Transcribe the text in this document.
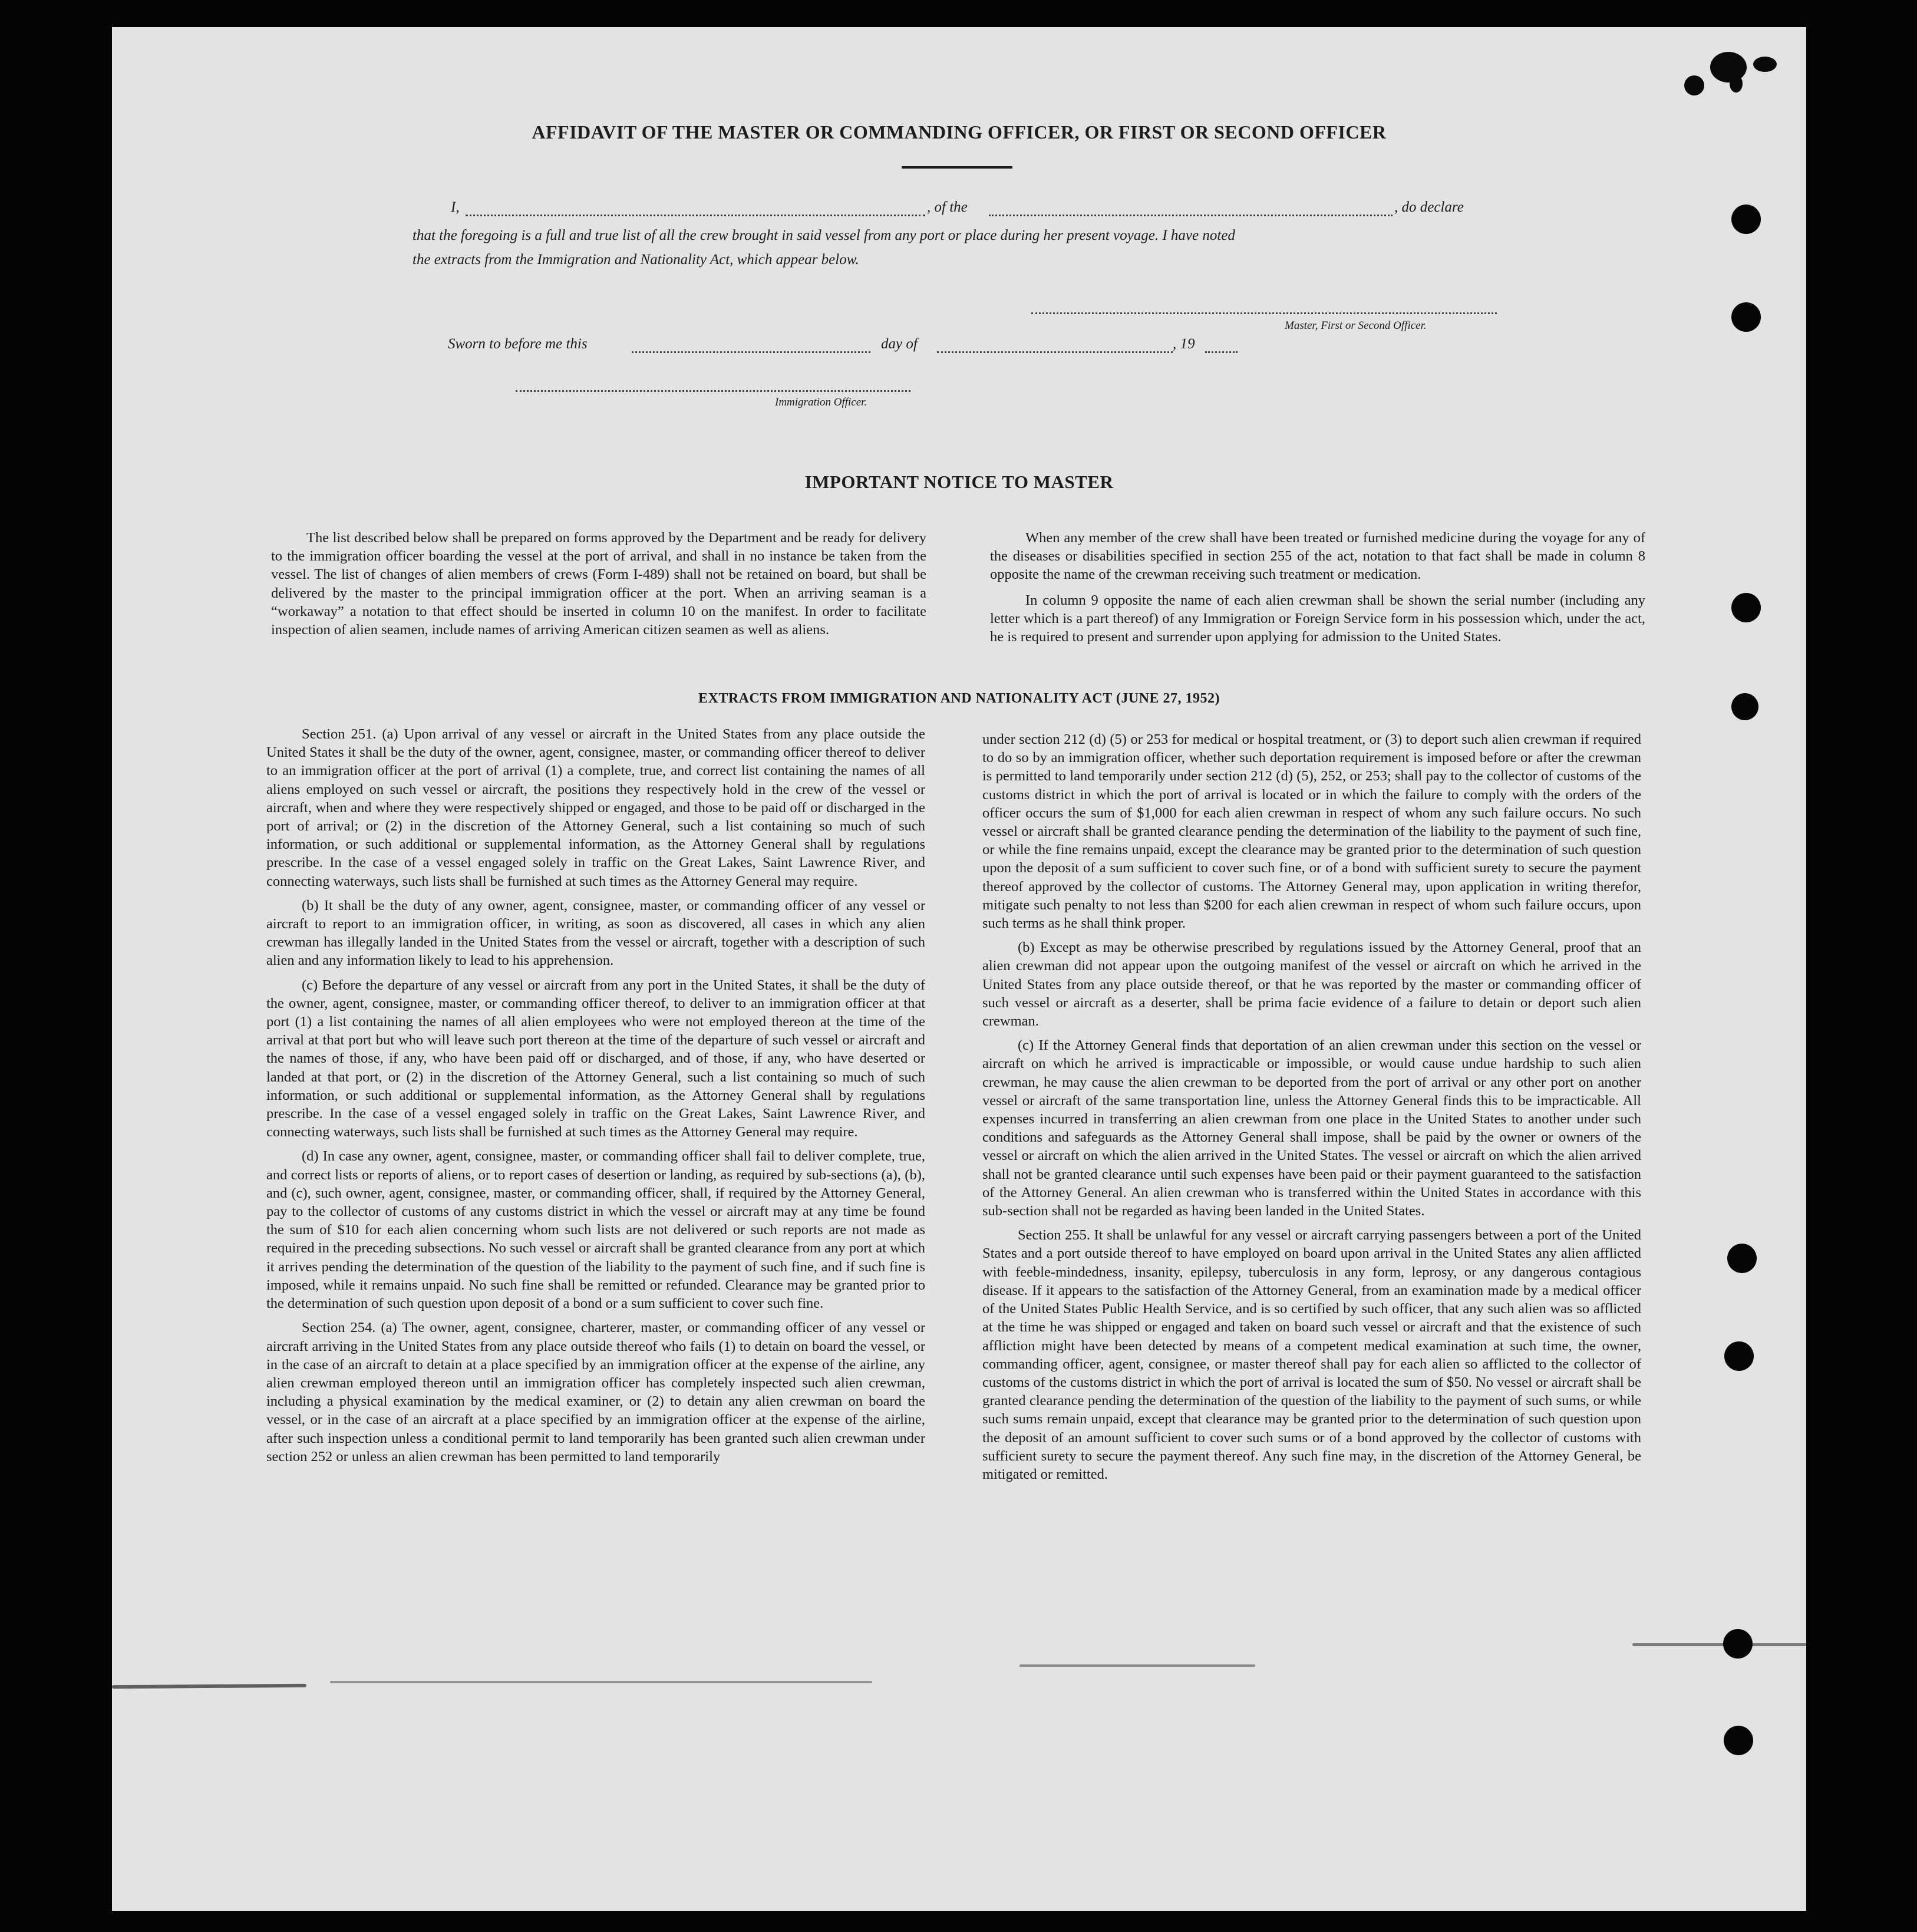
AFFIDAVIT OF THE MASTER OR COMMANDING OFFICER, OR FIRST OR SECOND OFFICER
I,	, of the	, do declare
that the foregoing is a full and true list of all the crew brought in said vessel from any port or place during her present voyage. I have noted
the extracts from the Immigration and Nationality Act, which appear below.
Master, First or Second Officer.
Sworn to before me this	day of	, 19
Immigration Officer.
IMPORTANT NOTICE TO MASTER

The list described below shall be prepared on forms approved by the Department and be ready for delivery to the immigration officer boarding the vessel at the port of arrival, and shall in no instance be taken from the vessel. The list of changes of alien members of crews (Form I-489) shall not be retained on board, but shall be delivered by the master to the principal immigration officer at the port. When an arriving seaman is a “workaway” a notation to that effect should be inserted in column 10 on the manifest. In order to facilitate inspection of alien seamen, include names of arriving American citizen seamen as well as aliens.

When any member of the crew shall have been treated or furnished medicine during the voyage for any of the diseases or disabilities specified in section 255 of the act, notation to that fact shall be made in column 8 opposite the name of the crewman receiving such treatment or medication.

In column 9 opposite the name of each alien crewman shall be shown the serial number (including any letter which is a part thereof) of any Immigration or Foreign Service form in his possession which, under the act, he is required to present and surrender upon applying for admission to the United States.

EXTRACTS FROM IMMIGRATION AND NATIONALITY ACT (JUNE 27, 1952)

Section 251. (a) Upon arrival of any vessel or aircraft in the United States from any place outside the United States it shall be the duty of the owner, agent, consignee, master, or commanding officer thereof to deliver to an immigration officer at the port of arrival (1) a complete, true, and correct list containing the names of all aliens employed on such vessel or aircraft, the positions they respectively hold in the crew of the vessel or aircraft, when and where they were respectively shipped or engaged, and those to be paid off or discharged in the port of arrival; or (2) in the discretion of the Attorney General, such a list containing so much of such information, or such additional or supplemental information, as the Attorney General shall by regulations prescribe. In the case of a vessel engaged solely in traffic on the Great Lakes, Saint Lawrence River, and connecting waterways, such lists shall be furnished at such times as the Attorney General may require.

(b) It shall be the duty of any owner, agent, consignee, master, or commanding officer of any vessel or aircraft to report to an immigration officer, in writing, as soon as discovered, all cases in which any alien crewman has illegally landed in the United States from the vessel or aircraft, together with a description of such alien and any information likely to lead to his apprehension.

(c) Before the departure of any vessel or aircraft from any port in the United States, it shall be the duty of the owner, agent, consignee, master, or commanding officer thereof, to deliver to an immigration officer at that port (1) a list containing the names of all alien employees who were not employed thereon at the time of the arrival at that port but who will leave such port thereon at the time of the departure of such vessel or aircraft and the names of those, if any, who have been paid off or discharged, and of those, if any, who have deserted or landed at that port, or (2) in the discretion of the Attorney General, such a list containing so much of such information, or such additional or supplemental information, as the Attorney General shall by regulations prescribe. In the case of a vessel engaged solely in traffic on the Great Lakes, Saint Lawrence River, and connecting waterways, such lists shall be furnished at such times as the Attorney General may require.

(d) In case any owner, agent, consignee, master, or commanding officer shall fail to deliver complete, true, and correct lists or reports of aliens, or to report cases of desertion or landing, as required by sub-sections (a), (b), and (c), such owner, agent, consignee, master, or commanding officer, shall, if required by the Attorney General, pay to the collector of customs of any customs district in which the vessel or aircraft may at any time be found the sum of $10 for each alien concerning whom such lists are not delivered or such reports are not made as required in the preceding subsections. No such vessel or aircraft shall be granted clearance from any port at which it arrives pending the determination of the question of the liability to the payment of such fine, and if such fine is imposed, while it remains unpaid. No such fine shall be remitted or refunded. Clearance may be granted prior to the determination of such question upon deposit of a bond or a sum sufficient to cover such fine.

Section 254. (a) The owner, agent, consignee, charterer, master, or commanding officer of any vessel or aircraft arriving in the United States from any place outside thereof who fails (1) to detain on board the vessel, or in the case of an aircraft to detain at a place specified by an immigration officer at the expense of the airline, any alien crewman employed thereon until an immigration officer has completely inspected such alien crewman, including a physical examination by the medical examiner, or (2) to detain any alien crewman on board the vessel, or in the case of an aircraft at a place specified by an immigration officer at the expense of the airline, after such inspection unless a conditional permit to land temporarily has been granted such alien crewman under section 252 or unless an alien crewman has been permitted to land temporarily

under section 212 (d) (5) or 253 for medical or hospital treatment, or (3) to deport such alien crewman if required to do so by an immigration officer, whether such deportation requirement is imposed before or after the crewman is permitted to land temporarily under section 212 (d) (5), 252, or 253; shall pay to the collector of customs of the customs district in which the port of arrival is located or in which the failure to comply with the orders of the officer occurs the sum of $1,000 for each alien crewman in respect of whom any such failure occurs. No such vessel or aircraft shall be granted clearance pending the determination of the liability to the payment of such fine, or while the fine remains unpaid, except the clearance may be granted prior to the determination of such question upon the deposit of a sum sufficient to cover such fine, or of a bond with sufficient surety to secure the payment thereof approved by the collector of customs. The Attorney General may, upon application in writing therefor, mitigate such penalty to not less than $200 for each alien crewman in respect of whom such failure occurs, upon such terms as he shall think proper.

(b) Except as may be otherwise prescribed by regulations issued by the Attorney General, proof that an alien crewman did not appear upon the outgoing manifest of the vessel or aircraft on which he arrived in the United States from any place outside thereof, or that he was reported by the master or commanding officer of such vessel or aircraft as a deserter, shall be prima facie evidence of a failure to detain or deport such alien crewman.

(c) If the Attorney General finds that deportation of an alien crewman under this section on the vessel or aircraft on which he arrived is impracticable or impossible, or would cause undue hardship to such alien crewman, he may cause the alien crewman to be deported from the port of arrival or any other port on another vessel or aircraft of the same transportation line, unless the Attorney General finds this to be impracticable. All expenses incurred in transferring an alien crewman from one place in the United States to another under such conditions and safeguards as the Attorney General shall impose, shall be paid by the owner or owners of the vessel or aircraft on which the alien arrived in the United States. The vessel or aircraft on which the alien arrived shall not be granted clearance until such expenses have been paid or their payment guaranteed to the satisfaction of the Attorney General. An alien crewman who is transferred within the United States in accordance with this sub-section shall not be regarded as having been landed in the United States.

Section 255. It shall be unlawful for any vessel or aircraft carrying passengers between a port of the United States and a port outside thereof to have employed on board upon arrival in the United States any alien afflicted with feeble-mindedness, insanity, epilepsy, tuberculosis in any form, leprosy, or any dangerous contagious disease. If it appears to the satisfaction of the Attorney General, from an examination made by a medical officer of the United States Public Health Service, and is so certified by such officer, that any such alien was so afflicted at the time he was shipped or engaged and taken on board such vessel or aircraft and that the existence of such affliction might have been detected by means of a competent medical examination at such time, the owner, commanding officer, agent, consignee, or master thereof shall pay for each alien so afflicted to the collector of customs of the customs district in which the port of arrival is located the sum of $50. No vessel or aircraft shall be granted clearance pending the determination of the question of the liability to the payment of such sums, or while such sums remain unpaid, except that clearance may be granted prior to the determination of such question upon the deposit of an amount sufficient to cover such sums or of a bond approved by the collector of customs with sufficient surety to secure the payment thereof. Any such fine may, in the discretion of the Attorney General, be mitigated or remitted.
